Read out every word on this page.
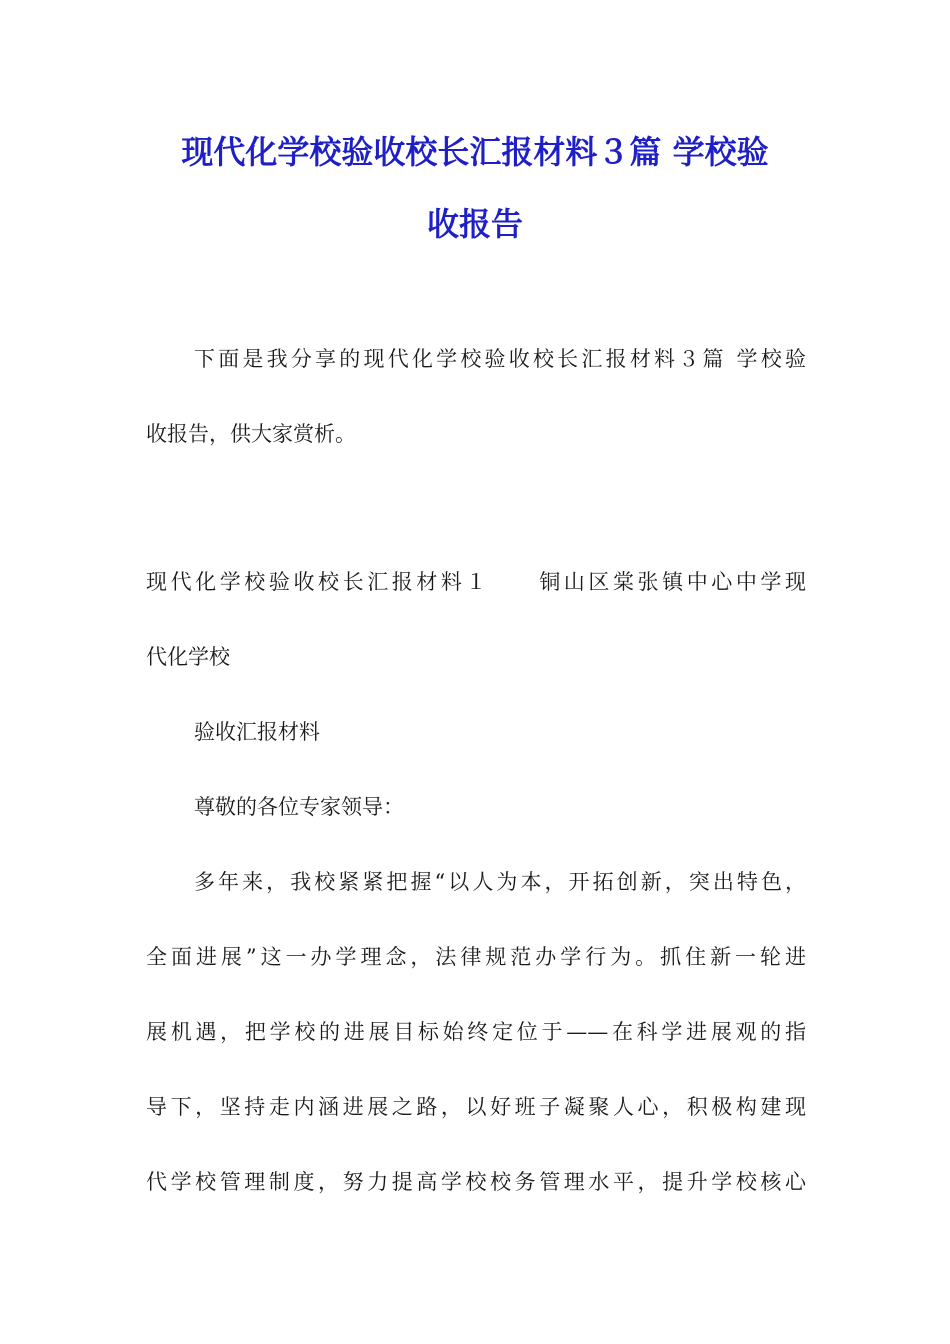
现代化学校验收校长汇报材料３篇 学校验
收报告
下面是我分享的现代化学校验收校长汇报材料３篇 学校验
收报告，供大家赏析。
现代化学校验收校长汇报材料１　　铜山区棠张镇中心中学现
代化学校
验收汇报材料
尊敬的各位专家领导：
多年来，我校紧紧把握“以人为本，开拓创新，突出特色，
全面进展”这一办学理念，法律规范办学行为。抓住新一轮进
展机遇，把学校的进展目标始终定位于——在科学进展观的指
导下，坚持走内涵进展之路，以好班子凝聚人心，积极构建现
代学校管理制度，努力提高学校校务管理水平，提升学校核心
